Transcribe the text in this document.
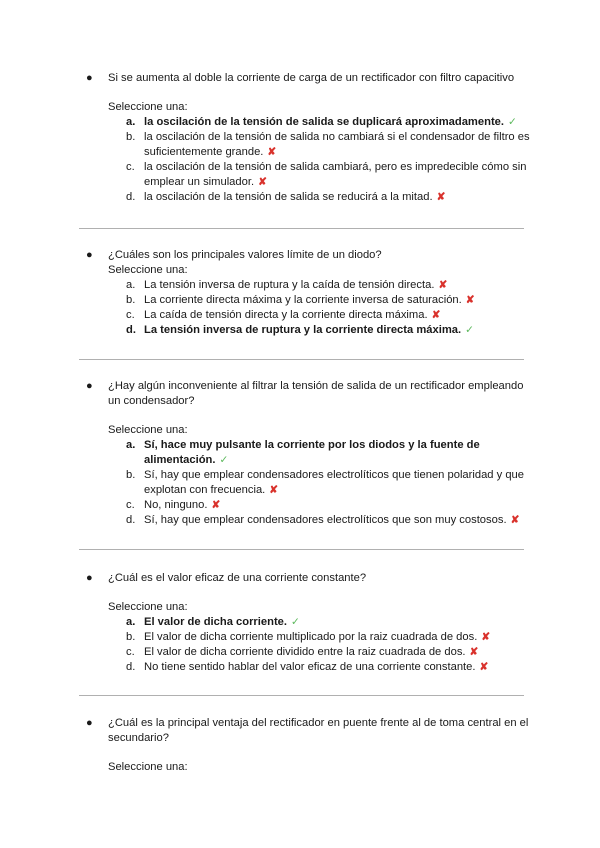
● Si se aumenta al doble la corriente de carga de un rectificador con filtro capacitivo
Seleccione una:
a. la oscilación de la tensión de salida se duplicará aproximadamente. ✓
b. la oscilación de la tensión de salida no cambiará si el condensador de filtro es suficientemente grande. ✘
c. la oscilación de la tensión de salida cambiará, pero es impredecible cómo sin emplear un simulador. ✘
d. la oscilación de la tensión de salida se reducirá a la mitad. ✘
● ¿Cuáles son los principales valores límite de un diodo?
Seleccione una:
a. La tensión inversa de ruptura y la caída de tensión directa. ✘
b. La corriente directa máxima y la corriente inversa de saturación. ✘
c. La caída de tensión directa y la corriente directa máxima. ✘
d. La tensión inversa de ruptura y la corriente directa máxima. ✓
● ¿Hay algún inconveniente al filtrar la tensión de salida de un rectificador empleando un condensador?
Seleccione una:
a. Sí, hace muy pulsante la corriente por los diodos y la fuente de alimentación. ✓
b. Sí, hay que emplear condensadores electrolíticos que tienen polaridad y que explotan con frecuencia. ✘
c. No, ninguno. ✘
d. Sí, hay que emplear condensadores electrolíticos que son muy costosos. ✘
● ¿Cuál es el valor eficaz de una corriente constante?
Seleccione una:
a. El valor de dicha corriente. ✓
b. El valor de dicha corriente multiplicado por la raiz cuadrada de dos. ✘
c. El valor de dicha corriente dividido entre la raiz cuadrada de dos. ✘
d. No tiene sentido hablar del valor eficaz de una corriente constante. ✘
● ¿Cuál es la principal ventaja del rectificador en puente frente al de toma central en el secundario?
Seleccione una:
